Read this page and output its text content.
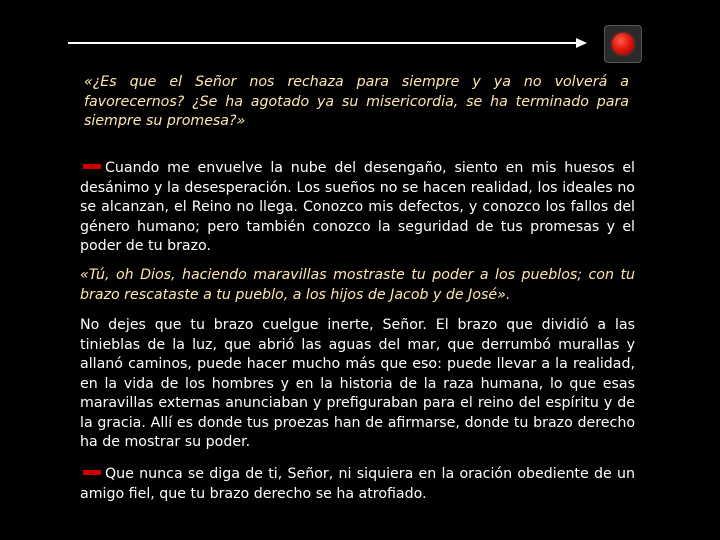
«¿Es que el Señor nos rechaza para siempre y ya no volverá a favorecernos? ¿Se ha agotado ya su misericordia, se ha terminado para siempre su promesa?»

Cuando me envuelve la nube del desengaño, siento en mis huesos el desánimo y la desesperación. Los sueños no se hacen realidad, los ideales no se alcanzan, el Reino no llega. Conozco mis defectos, y conozco los fallos del género humano; pero también conozco la seguridad de tus promesas y el poder de tu brazo.

«Tú, oh Dios, haciendo maravillas mostraste tu poder a los pueblos; con tu brazo rescataste a tu pueblo, a los hijos de Jacob y de José».

No dejes que tu brazo cuelgue inerte, Señor. El brazo que dividió a las tinieblas de la luz, que abrió las aguas del mar, que derrumbó murallas y allanó caminos, puede hacer mucho más que eso: puede llevar a la realidad, en la vida de los hombres y en la historia de la raza humana, lo que esas maravillas externas anunciaban y prefiguraban para el reino del espíritu y de la gracia. Allí es donde tus proezas han de afirmarse, donde tu brazo derecho ha de mostrar su poder.

Que nunca se diga de ti, Señor, ni siquiera en la oración obediente de un amigo fiel, que tu brazo derecho se ha atrofiado.
